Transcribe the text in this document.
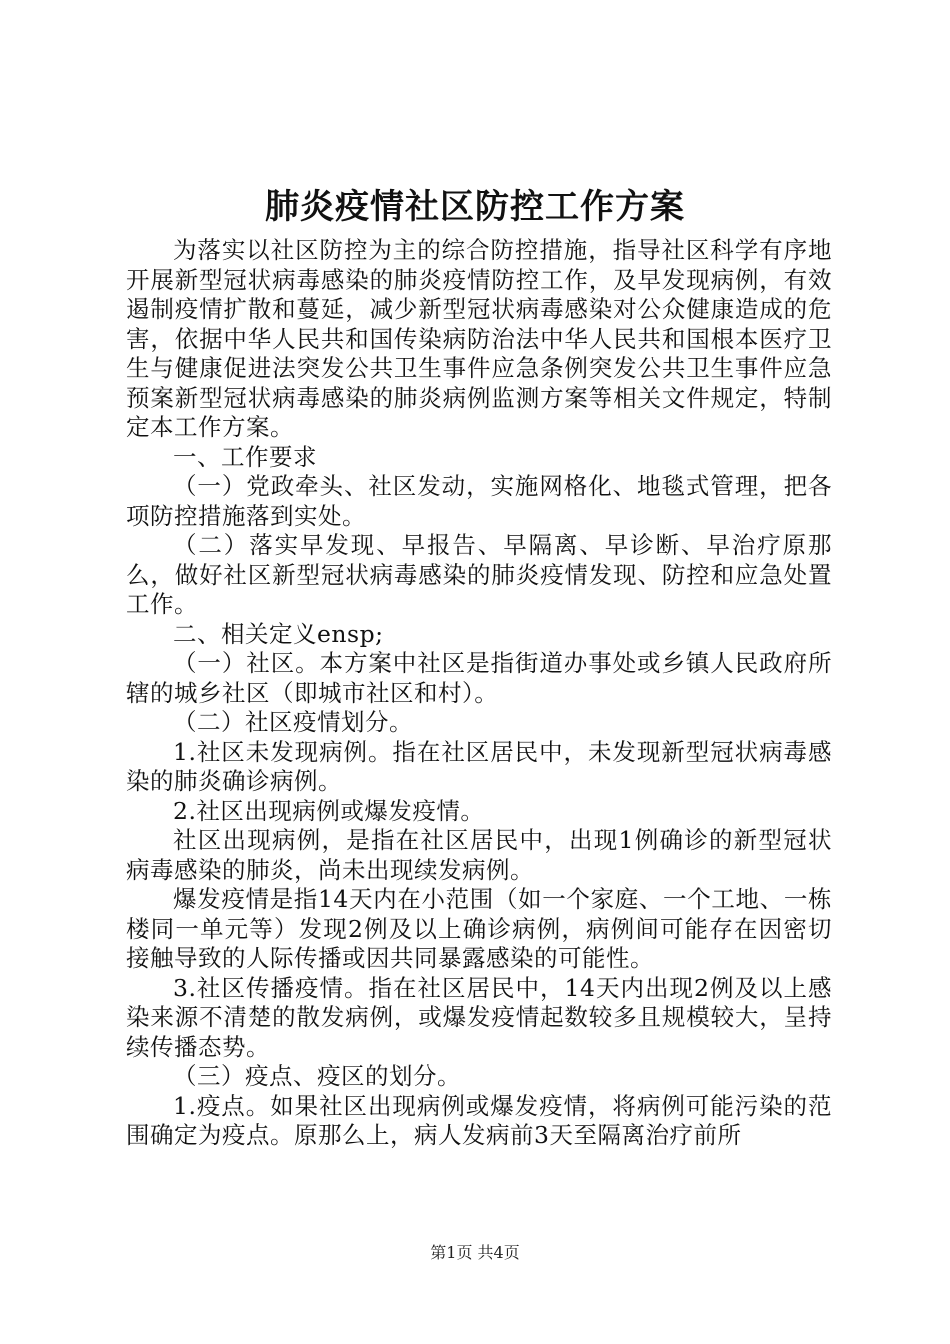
肺炎疫情社区防控工作方案

为落实以社区防控为主的综合防控措施，指导社区科学有序地开展新型冠状病毒感染的肺炎疫情防控工作，及早发现病例，有效遏制疫情扩散和蔓延，减少新型冠状病毒感染对公众健康造成的危害，依据中华人民共和国传染病防治法中华人民共和国根本医疗卫生与健康促进法突发公共卫生事件应急条例突发公共卫生事件应急预案新型冠状病毒感染的肺炎病例监测方案等相关文件规定，特制定本工作方案。

一、工作要求

（一）党政牵头、社区发动，实施网格化、地毯式管理，把各项防控措施落到实处。

（二）落实早发现、早报告、早隔离、早诊断、早治疗原那么，做好社区新型冠状病毒感染的肺炎疫情发现、防控和应急处置工作。

二、相关定义ensp;

（一）社区。本方案中社区是指街道办事处或乡镇人民政府所辖的城乡社区（即城市社区和村）。

（二）社区疫情划分。

1.社区未发现病例。指在社区居民中，未发现新型冠状病毒感染的肺炎确诊病例。

2.社区出现病例或爆发疫情。

社区出现病例，是指在社区居民中，出现1例确诊的新型冠状病毒感染的肺炎，尚未出现续发病例。

爆发疫情是指14天内在小范围（如一个家庭、一个工地、一栋楼同一单元等）发现2例及以上确诊病例，病例间可能存在因密切接触导致的人际传播或因共同暴露感染的可能性。

3.社区传播疫情。指在社区居民中，14天内出现2例及以上感染来源不清楚的散发病例，或爆发疫情起数较多且规模较大，呈持续传播态势。

（三）疫点、疫区的划分。

1.疫点。如果社区出现病例或爆发疫情，将病例可能污染的范围确定为疫点。原那么上，病人发病前3天至隔离治疗前所

第1页 共4页
